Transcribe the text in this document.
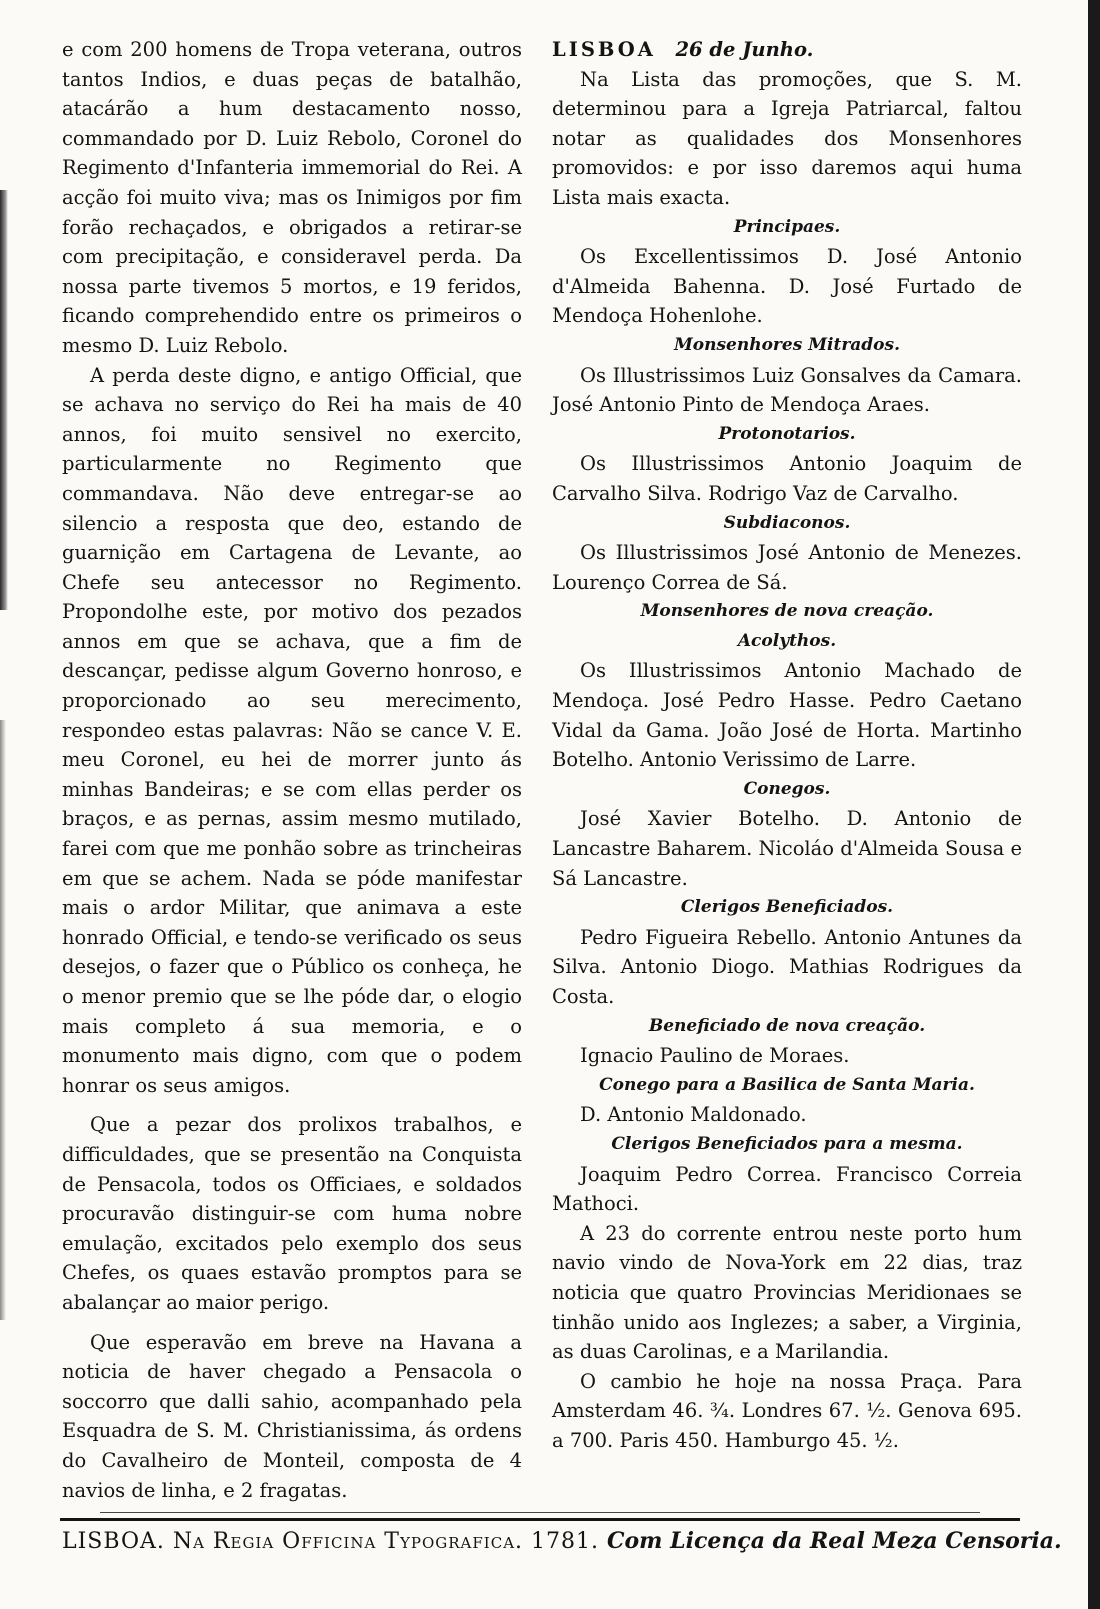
e com 200 homens de Tropa veterana, outros tantos Indios, e duas peças de batalhão, atacárão a hum destacamento nosso, commandado por D. Luiz Rebolo, Coronel do Regimento d'Infanteria immemorial do Rei. A acção foi muito viva; mas os Inimigos por fim forão rechaçados, e obrigados a retirar-se com precipitação, e consideravel perda. Da nossa parte tivemos 5 mortos, e 19 feridos, ficando comprehendido entre os primeiros o mesmo D. Luiz Rebolo.

A perda deste digno, e antigo Official, que se achava no serviço do Rei ha mais de 40 annos, foi muito sensivel no exercito, particularmente no Regimento que commandava. Não deve entregar-se ao silencio a resposta que deo, estando de guarnição em Cartagena de Levante, ao Chefe seu antecessor no Regimento. Propondolhe este, por motivo dos pezados annos em que se achava, que a fim de descançar, pedisse algum Governo honroso, e proporcionado ao seu merecimento, respondeo estas palavras: Não se cance V. E. meu Coronel, eu hei de morrer junto ás minhas Bandeiras; e se com ellas perder os braços, e as pernas, assim mesmo mutilado, farei com que me ponhão sobre as trincheiras em que se achem. Nada se póde manifestar mais o ardor Militar, que animava a este honrado Official, e tendo-se verificado os seus desejos, o fazer que o Público os conheça, he o menor premio que se lhe póde dar, o elogio mais completo á sua memoria, e o monumento mais digno, com que o podem honrar os seus amigos.

Que a pezar dos prolixos trabalhos, e difficuldades, que se presentão na Conquista de Pensacola, todos os Officiaes, e soldados procuravão distinguir-se com huma nobre emulação, excitados pelo exemplo dos seus Chefes, os quaes estavão promptos para se abalançar ao maior perigo.

Que esperavão em breve na Havana a noticia de haver chegado a Pensacola o soccorro que dalli sahio, acompanhado pela Esquadra de S. M. Christianissima, ás ordens do Cavalheiro de Monteil, composta de 4 navios de linha, e 2 fragatas.

LISBOA 26 de Junho.

Na Lista das promoções, que S. M. determinou para a Igreja Patriarcal, faltou notar as qualidades dos Monsenhores promovidos: e por isso daremos aqui huma Lista mais exacta.

Principaes.

Os Excellentissimos D. José Antonio d'Almeida Bahenna. D. José Furtado de Mendoça Hohenlohe.

Monsenhores Mitrados.

Os Illustrissimos Luiz Gonsalves da Camara. José Antonio Pinto de Mendoça Araes.

Protonotarios.

Os Illustrissimos Antonio Joaquim de Carvalho Silva. Rodrigo Vaz de Carvalho.

Subdiaconos.

Os Illustrissimos José Antonio de Menezes. Lourenço Correa de Sá.

Monsenhores de nova creação.

Acolythos.

Os Illustrissimos Antonio Machado de Mendoça. José Pedro Hasse. Pedro Caetano Vidal da Gama. João José de Horta. Martinho Botelho. Antonio Verissimo de Larre.

Conegos.

José Xavier Botelho. D. Antonio de Lancastre Baharem. Nicoláo d'Almeida Sousa e Sá Lancastre.

Clerigos Beneficiados.

Pedro Figueira Rebello. Antonio Antunes da Silva. Antonio Diogo. Mathias Rodrigues da Costa.

Beneficiado de nova creação.

Ignacio Paulino de Moraes.

Conego para a Basilica de Santa Maria.

D. Antonio Maldonado.

Clerigos Beneficiados para a mesma.

Joaquim Pedro Correa. Francisco Correia Mathoci.

A 23 do corrente entrou neste porto hum navio vindo de Nova-York em 22 dias, traz noticia que quatro Provincias Meridionaes se tinhão unido aos Inglezes; a saber, a Virginia, as duas Carolinas, e a Marilandia.

O cambio he hoje na nossa Praça. Para Amsterdam 46. ¾. Londres 67. ½. Genova 695. a 700. Paris 450. Hamburgo 45. ½.

LISBOA. Na Regia Officina Typografica. 1781. Com Licença da Real Meza Censoria.
